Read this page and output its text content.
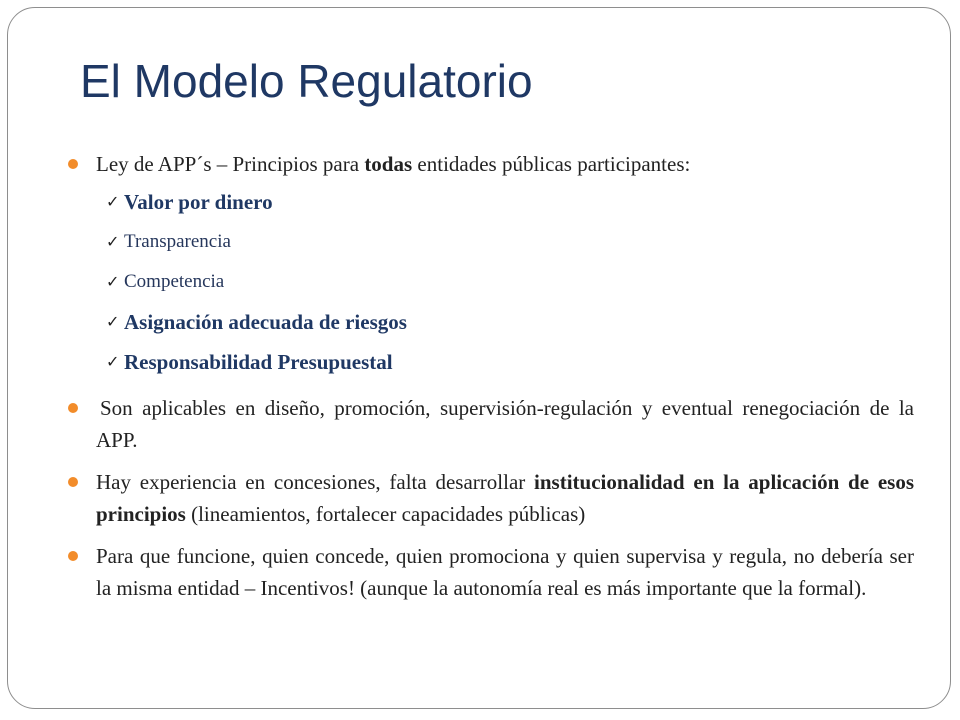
El Modelo Regulatorio
Ley de APP´s – Principios para todas entidades públicas participantes:
✓ Valor por dinero
✓ Transparencia
✓ Competencia
✓ Asignación adecuada de riesgos
✓ Responsabilidad Presupuestal
Son aplicables en diseño, promoción, supervisión-regulación y eventual renegociación de la APP.
Hay experiencia en concesiones, falta desarrollar institucionalidad en la aplicación de esos principios (lineamientos, fortalecer capacidades públicas)
Para que funcione, quien concede, quien promociona y quien supervisa y regula, no debería ser la misma entidad – Incentivos! (aunque la autonomía real es más importante que la formal).
